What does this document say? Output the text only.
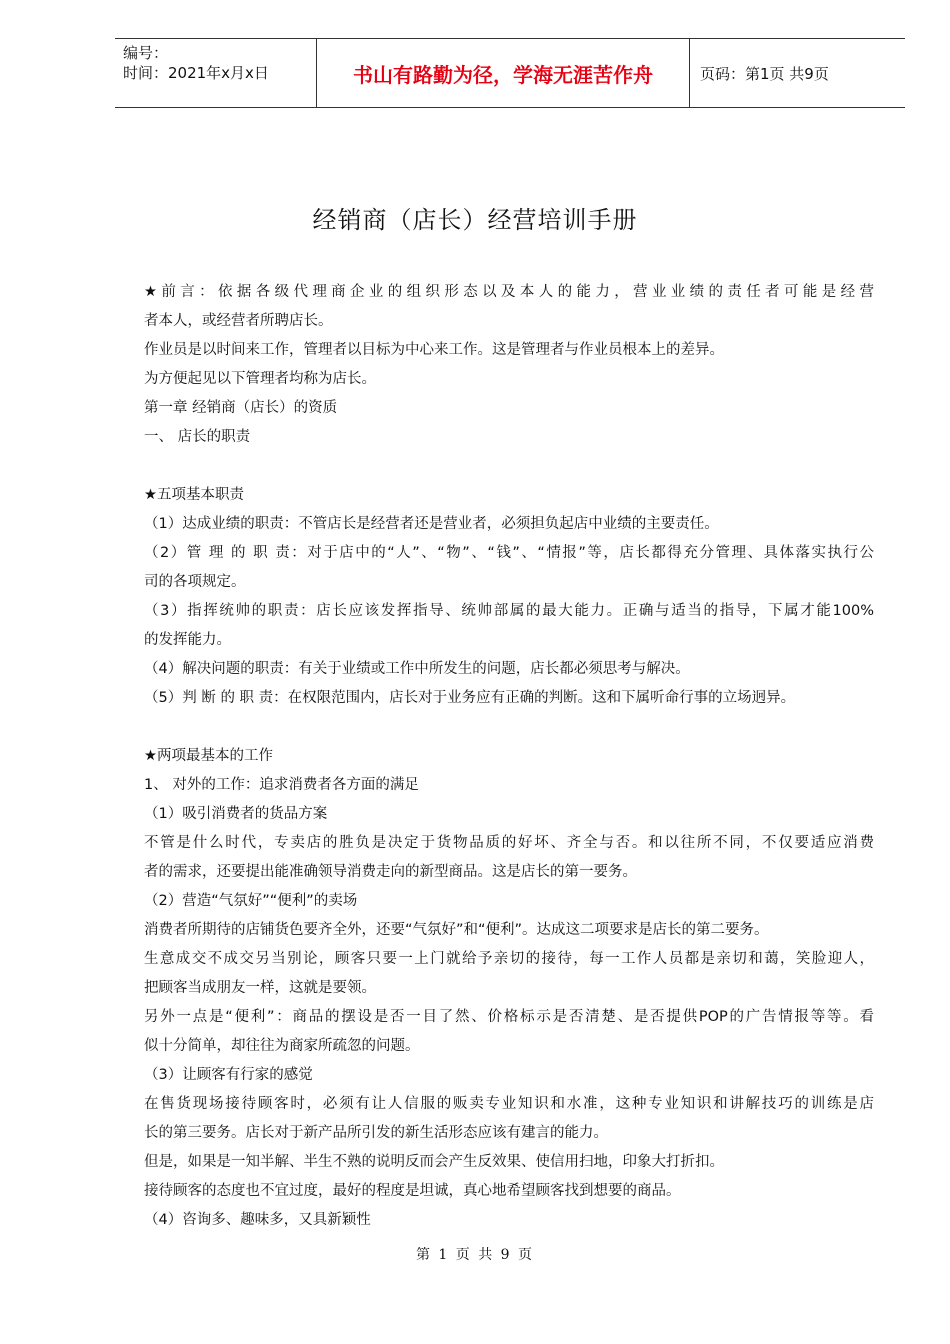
编号：
时间：2021年x月x日	书山有路勤为径，学海无涯苦作舟	页码：第1页 共9页
经销商（店长）经营培训手册
★前言：依据各级代理商企业的组织形态以及本人的能力，营业业绩的责任者可能是经营
者本人，或经营者所聘店长。
作业员是以时间来工作，管理者以目标为中心来工作。这是管理者与作业员根本上的差异。
为方便起见以下管理者均称为店长。
第一章 经销商（店长）的资质
一、 店长的职责
★五项基本职责
（1）达成业绩的职责：不管店长是经营者还是营业者，必须担负起店中业绩的主要责任。
（2）管 理 的 职 责：对于店中的“人”、“物”、“钱”、“情报”等，店长都得充分管理、具体落实执行公
司的各项规定。
（3）指挥统帅的职责：店长应该发挥指导、统帅部属的最大能力。正确与适当的指导，下属才能100%
的发挥能力。
（4）解决问题的职责：有关于业绩或工作中所发生的问题，店长都必须思考与解决。
（5）判 断 的 职 责：在权限范围内，店长对于业务应有正确的判断。这和下属听命行事的立场迥异。
★两项最基本的工作
1、 对外的工作：追求消费者各方面的满足
（1）吸引消费者的货品方案
不管是什么时代，专卖店的胜负是决定于货物品质的好坏、齐全与否。和以往所不同，不仅要适应消费
者的需求，还要提出能准确领导消费走向的新型商品。这是店长的第一要务。
（2）营造“气氛好”“便利”的卖场
消费者所期待的店铺货色要齐全外，还要“气氛好”和“便利”。达成这二项要求是店长的第二要务。
生意成交不成交另当别论，顾客只要一上门就给予亲切的接待，每一工作人员都是亲切和蔼，笑脸迎人，
把顾客当成朋友一样，这就是要领。
另外一点是“便利”：商品的摆设是否一目了然、价格标示是否清楚、是否提供POP的广告情报等等。看
似十分简单，却往往为商家所疏忽的问题。
（3）让顾客有行家的感觉
在售货现场接待顾客时，必须有让人信服的贩卖专业知识和水准，这种专业知识和讲解技巧的训练是店
长的第三要务。店长对于新产品所引发的新生活形态应该有建言的能力。
但是，如果是一知半解、半生不熟的说明反而会产生反效果、使信用扫地，印象大打折扣。
接待顾客的态度也不宜过度，最好的程度是坦诚，真心地希望顾客找到想要的商品。
（4）咨询多、趣味多，又具新颖性
第 1 页 共 9 页
